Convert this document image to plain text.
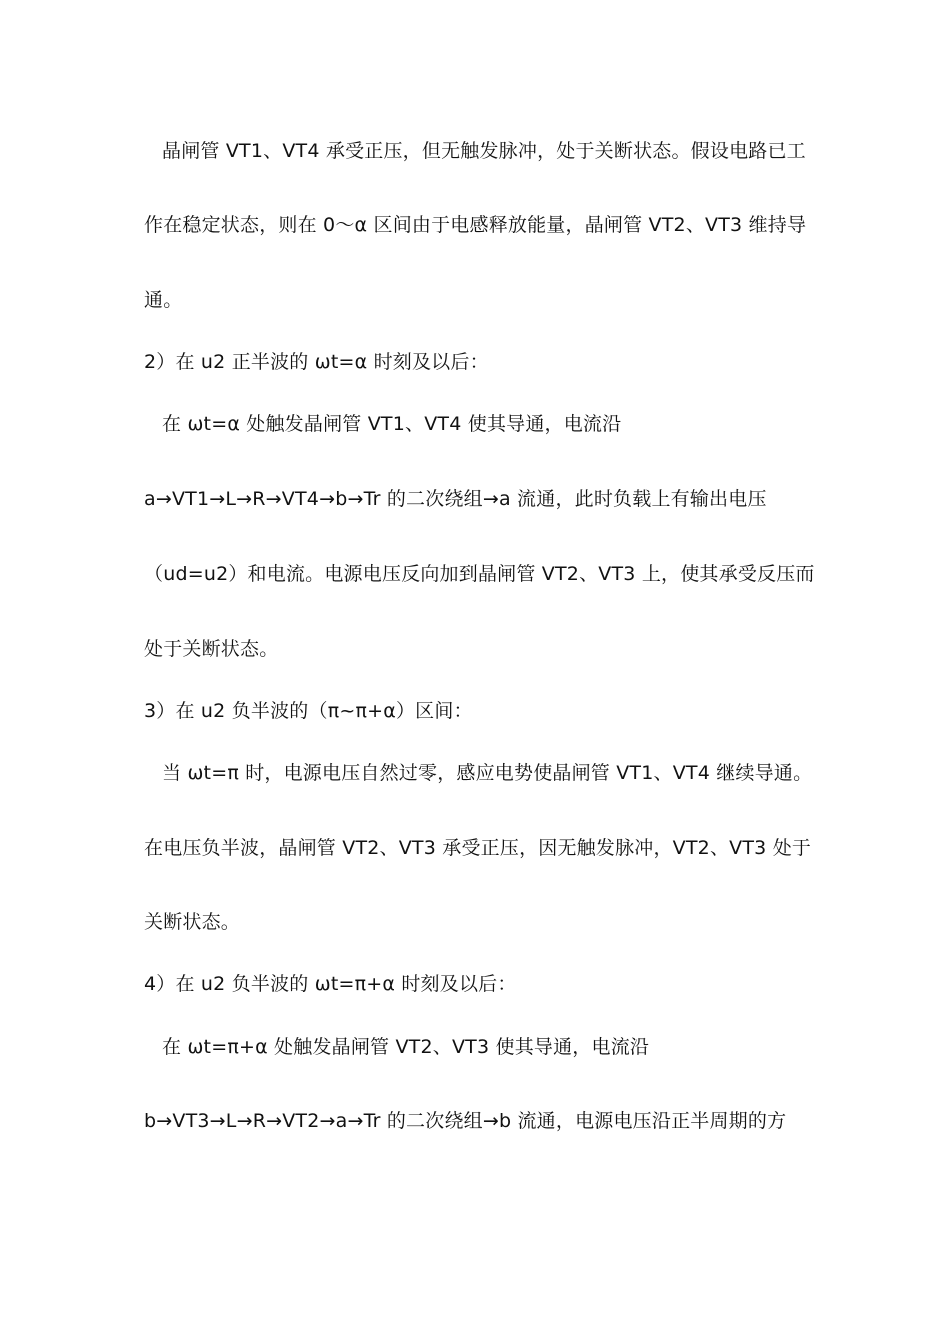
晶闸管 VT1、VT4 承受正压，但无触发脉冲，处于关断状态。假设电路已工
作在稳定状态，则在 0～α 区间由于电感释放能量，晶闸管 VT2、VT3 维持导
通。
2）在 u2 正半波的 ωt=α 时刻及以后：
在 ωt=α 处触发晶闸管 VT1、VT4 使其导通，电流沿
a→VT1→L→R→VT4→b→Tr 的二次绕组→a 流通，此时负载上有输出电压
（ud=u2）和电流。电源电压反向加到晶闸管 VT2、VT3 上，使其承受反压而
处于关断状态。
3）在 u2 负半波的（π~π+α）区间：
当 ωt=π 时，电源电压自然过零，感应电势使晶闸管 VT1、VT4 继续导通。
在电压负半波，晶闸管 VT2、VT3 承受正压，因无触发脉冲，VT2、VT3 处于
关断状态。
4）在 u2 负半波的 ωt=π+α 时刻及以后：
在 ωt=π+α 处触发晶闸管 VT2、VT3 使其导通，电流沿
b→VT3→L→R→VT2→a→Tr 的二次绕组→b 流通，电源电压沿正半周期的方
